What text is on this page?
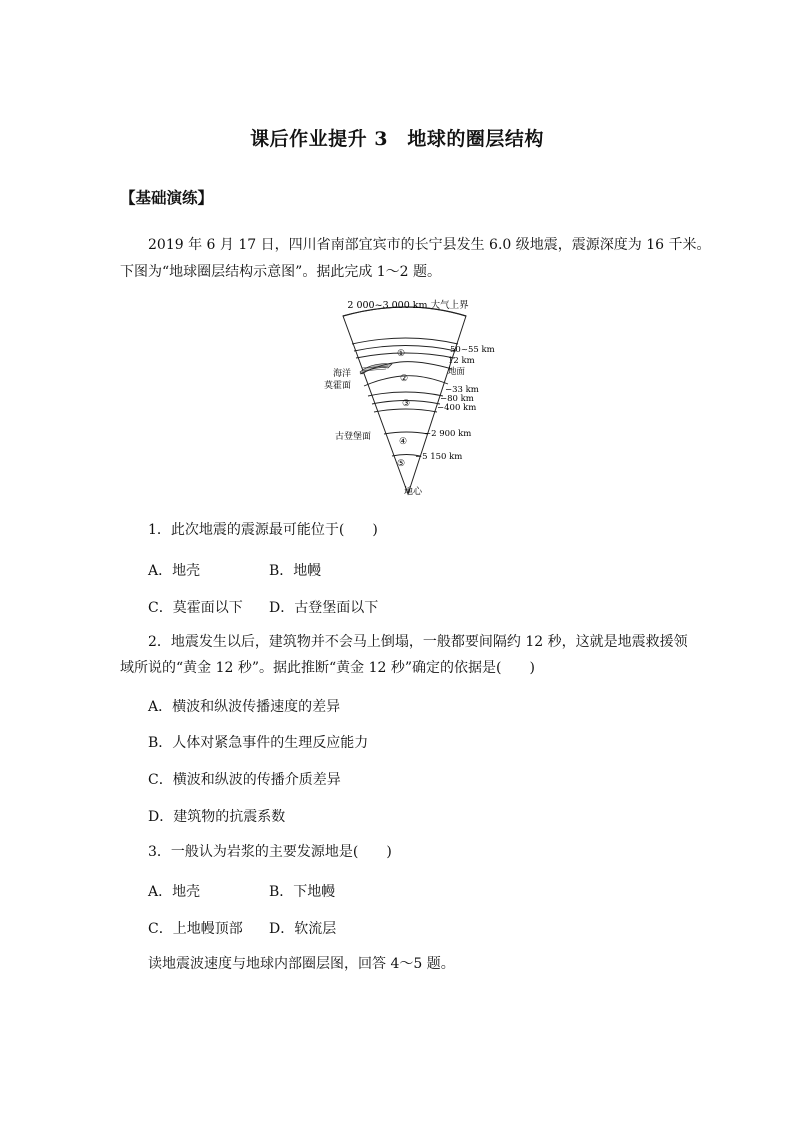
课后作业提升 3　地球的圈层结构
【基础演练】
2019 年 6 月 17 日，四川省南部宜宾市的长宁县发生 6.0 级地震，震源深度为 16 千米。
下图为“地球圈层结构示意图”。据此完成 1～2 题。
①
②
③
④
⑤
2 000~3 000 km 大气上界
50~55 km
12 km
地面
−33 km
−80 km
−400 km
−2 900 km
−5 150 km
地心
海洋
莫霍面
古登堡面
1．此次地震的震源最可能位于(　　)
A．地壳	B．地幔
C．莫霍面以下 D．古登堡面以下
2．地震发生以后，建筑物并不会马上倒塌，一般都要间隔约 12 秒，这就是地震救援领
域所说的“黄金 12 秒”。据此推断“黄金 12 秒”确定的依据是(　　)
A．横波和纵波传播速度的差异
B．人体对紧急事件的生理反应能力
C．横波和纵波的传播介质差异
D．建筑物的抗震系数
3．一般认为岩浆的主要发源地是(　　)
A．地壳	B．下地幔
C．上地幔顶部 D．软流层
读地震波速度与地球内部圈层图，回答 4～5 题。
